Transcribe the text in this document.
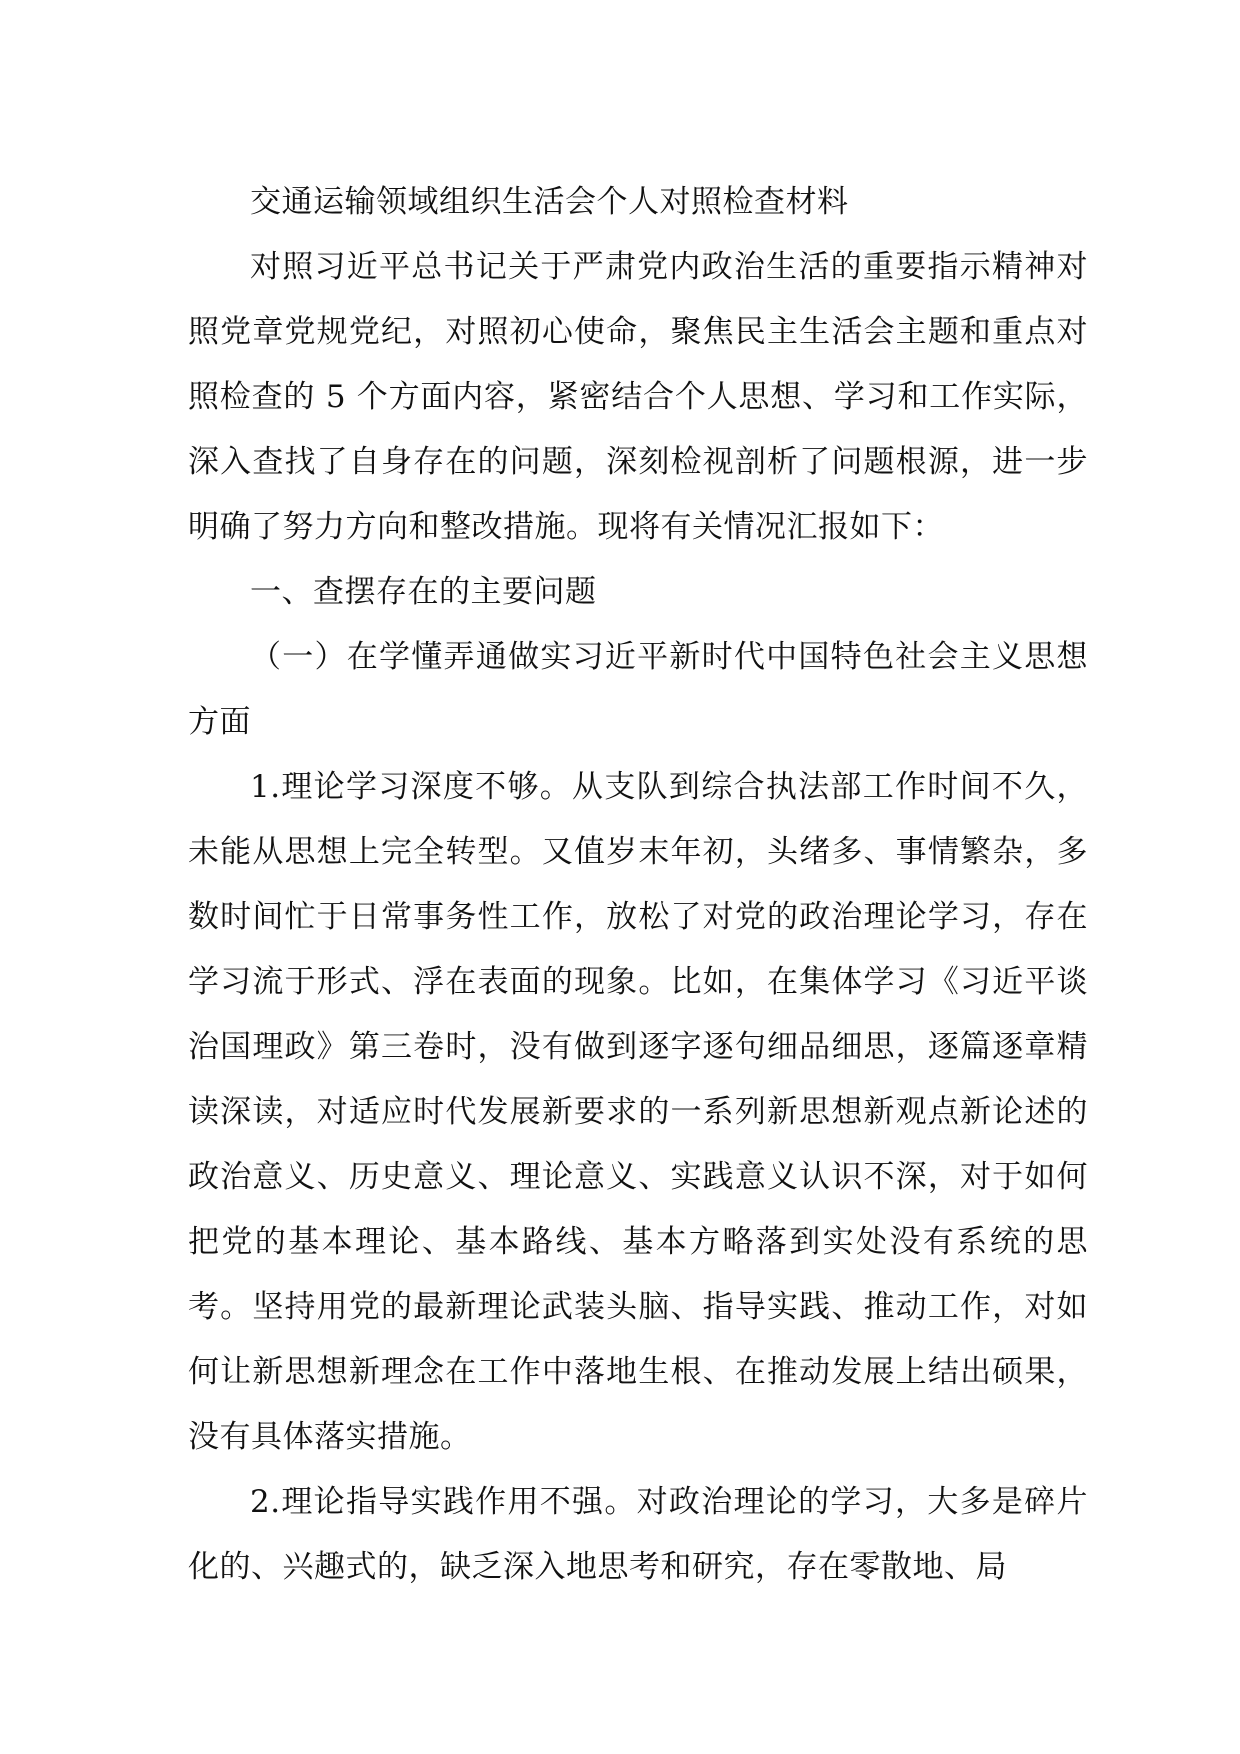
交通运输领域组织生活会个人对照检查材料

对照习近平总书记关于严肃党内政治生活的重要指示精神对照党章党规党纪，对照初心使命，聚焦民主生活会主题和重点对照检查的 5 个方面内容，紧密结合个人思想、学习和工作实际，深入查找了自身存在的问题，深刻检视剖析了问题根源，进一步明确了努力方向和整改措施。现将有关情况汇报如下：

一、查摆存在的主要问题

（一）在学懂弄通做实习近平新时代中国特色社会主义思想方面

1.理论学习深度不够。从支队到综合执法部工作时间不久，未能从思想上完全转型。又值岁末年初，头绪多、事情繁杂，多数时间忙于日常事务性工作，放松了对党的政治理论学习，存在学习流于形式、浮在表面的现象。比如，在集体学习《习近平谈治国理政》第三卷时，没有做到逐字逐句细品细思，逐篇逐章精读深读，对适应时代发展新要求的一系列新思想新观点新论述的政治意义、历史意义、理论意义、实践意义认识不深，对于如何把党的基本理论、基本路线、基本方略落到实处没有系统的思考。坚持用党的最新理论武装头脑、指导实践、推动工作，对如何让新思想新理念在工作中落地生根、在推动发展上结出硕果，没有具体落实措施。

2.理论指导实践作用不强。对政治理论的学习，大多是碎片化的、兴趣式的，缺乏深入地思考和研究，存在零散地、局
